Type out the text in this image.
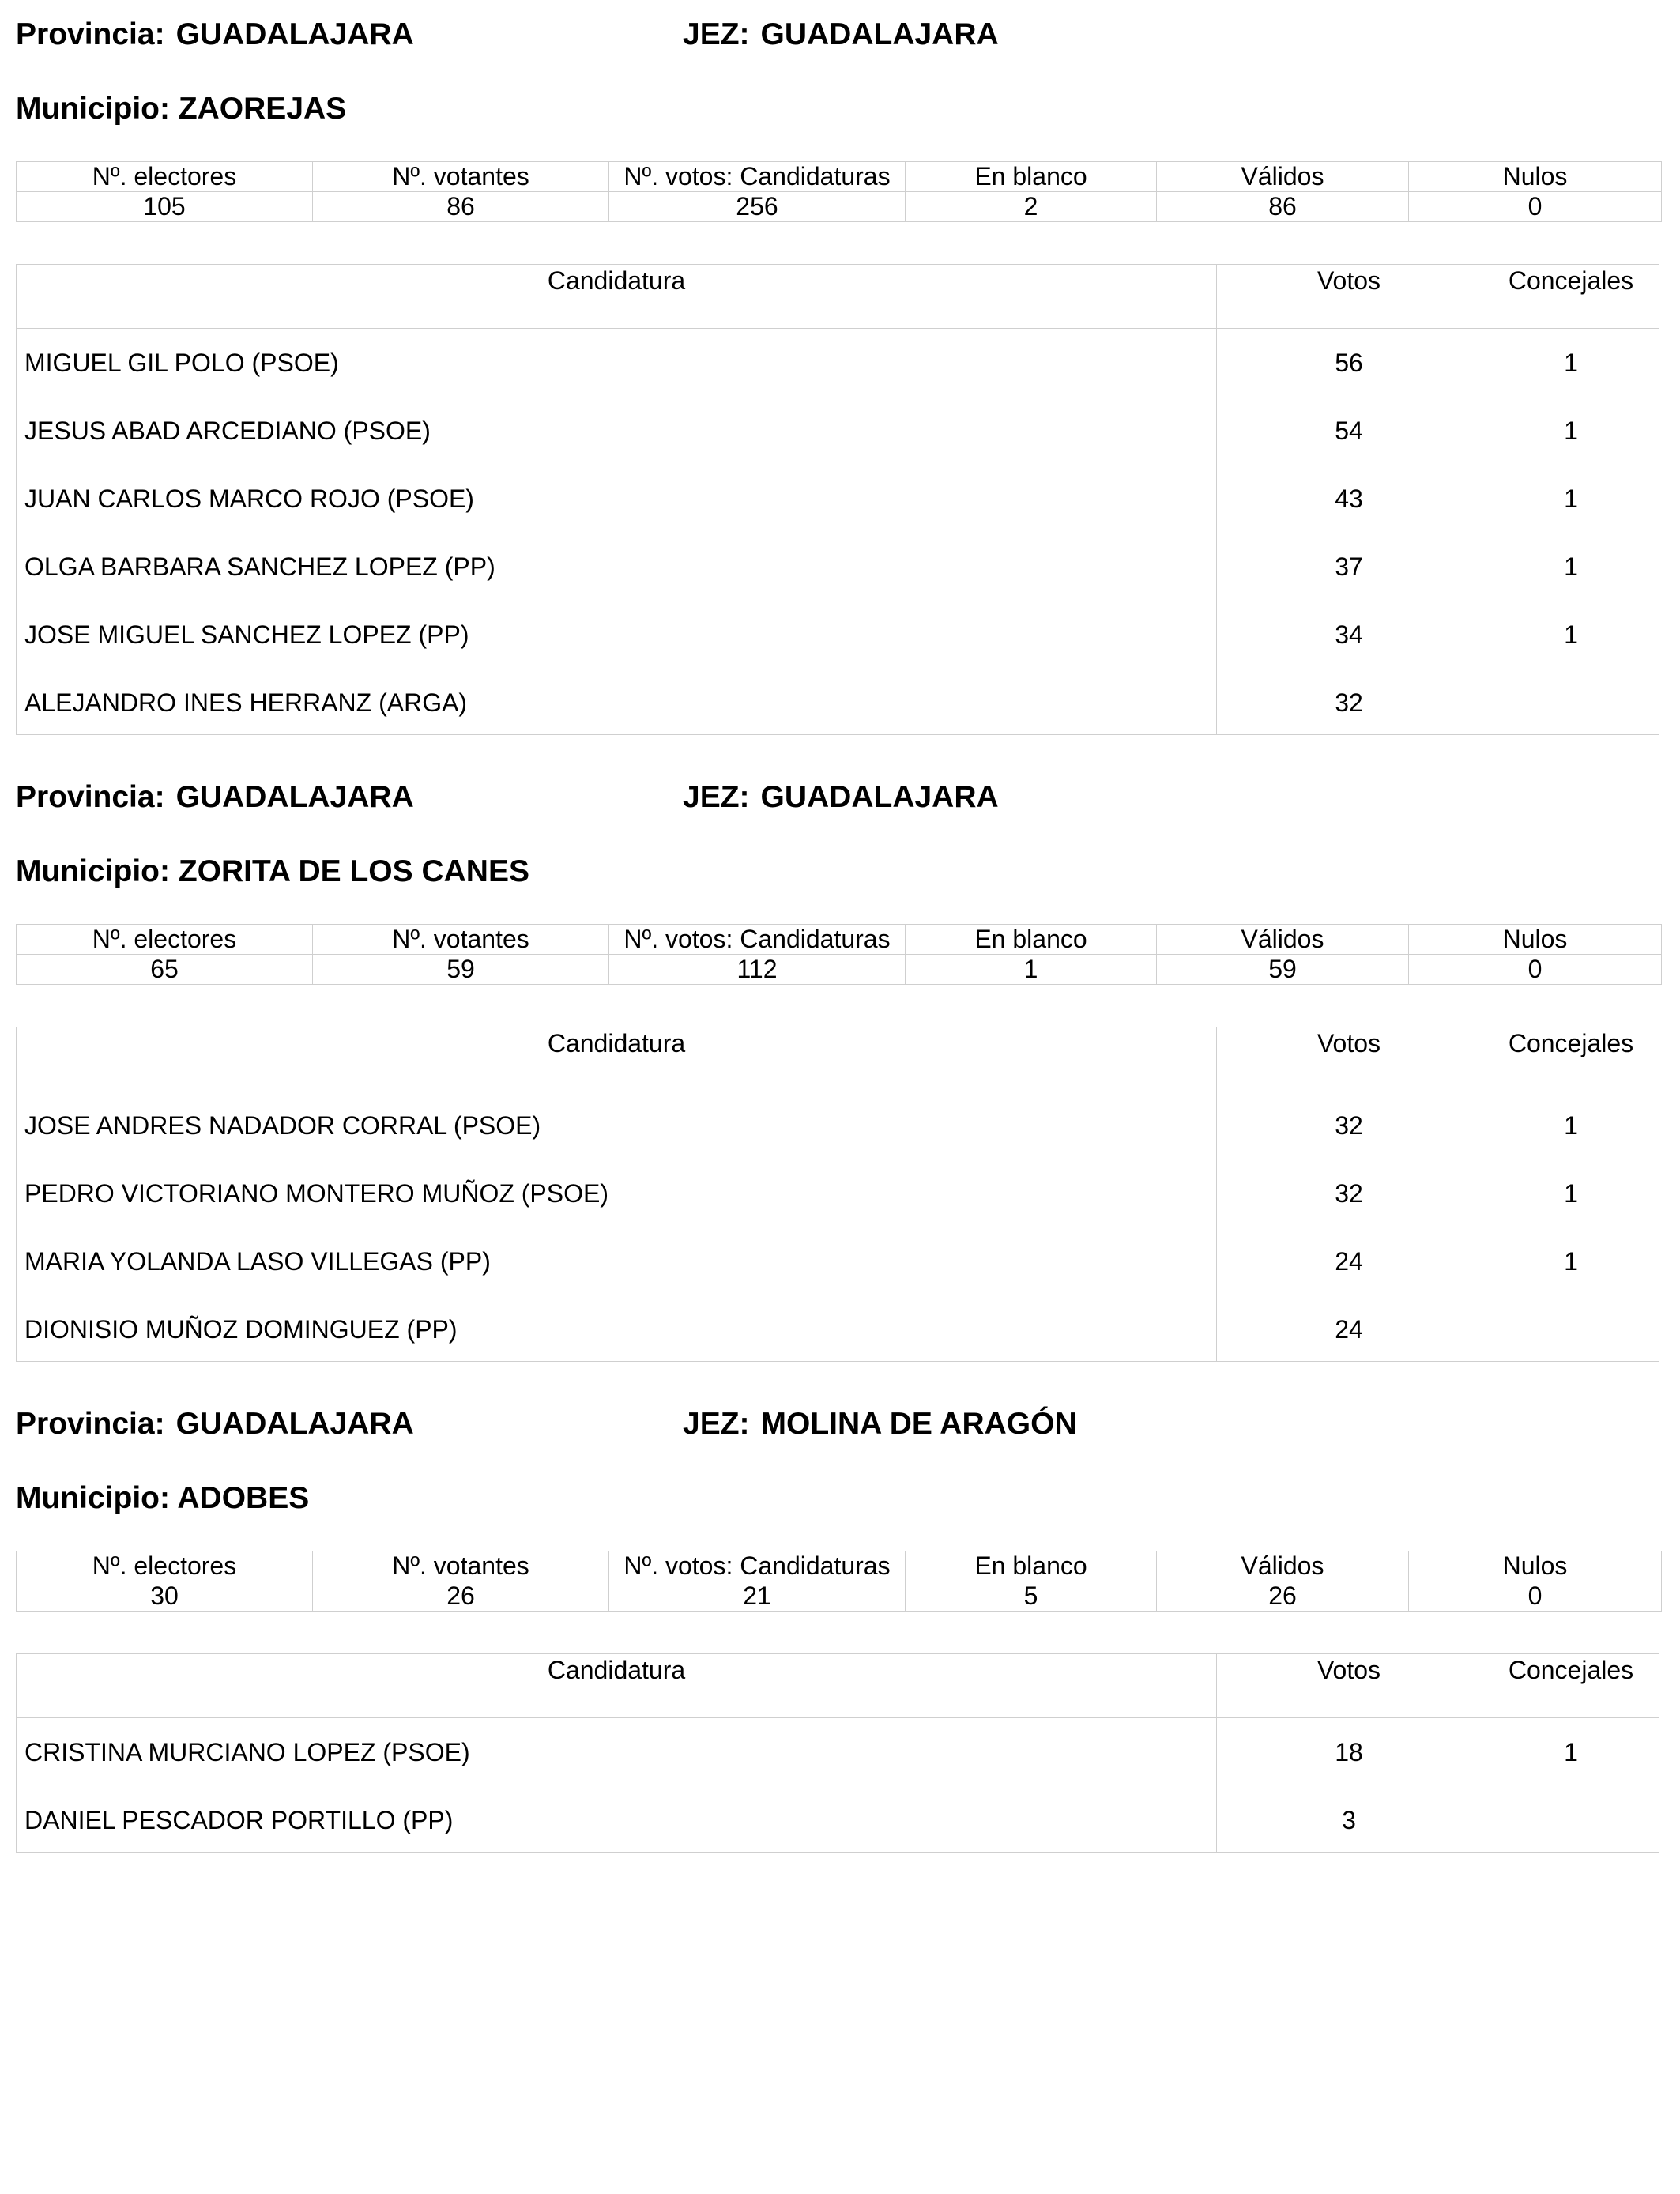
Provincia: GUADALAJARA	JEZ: GUADALAJARA
Municipio: ZAOREJAS
Nº. electores	Nº. votantes	Nº. votos: Candidaturas	En blanco	Válidos	Nulos
105	86	256	2	86	0
Candidatura	Votos	Concejales
MIGUEL GIL POLO (PSOE)	56	1
JESUS ABAD ARCEDIANO (PSOE)	54	1
JUAN CARLOS MARCO ROJO (PSOE)	43	1
OLGA BARBARA SANCHEZ LOPEZ (PP)	37	1
JOSE MIGUEL SANCHEZ LOPEZ (PP)	34	1
ALEJANDRO INES HERRANZ (ARGA)	32
Provincia: GUADALAJARA	JEZ: GUADALAJARA
Municipio: ZORITA DE LOS CANES
Nº. electores	Nº. votantes	Nº. votos: Candidaturas	En blanco	Válidos	Nulos
65	59	112	1	59	0
Candidatura	Votos	Concejales
JOSE ANDRES NADADOR CORRAL (PSOE)	32	1
PEDRO VICTORIANO MONTERO MUÑOZ (PSOE)	32	1
MARIA YOLANDA LASO VILLEGAS (PP)	24	1
DIONISIO MUÑOZ DOMINGUEZ (PP)	24
Provincia: GUADALAJARA	JEZ: MOLINA DE ARAGÓN
Municipio: ADOBES
Nº. electores	Nº. votantes	Nº. votos: Candidaturas	En blanco	Válidos	Nulos
30	26	21	5	26	0
Candidatura	Votos	Concejales
CRISTINA MURCIANO LOPEZ (PSOE)	18	1
DANIEL PESCADOR PORTILLO (PP)	3
